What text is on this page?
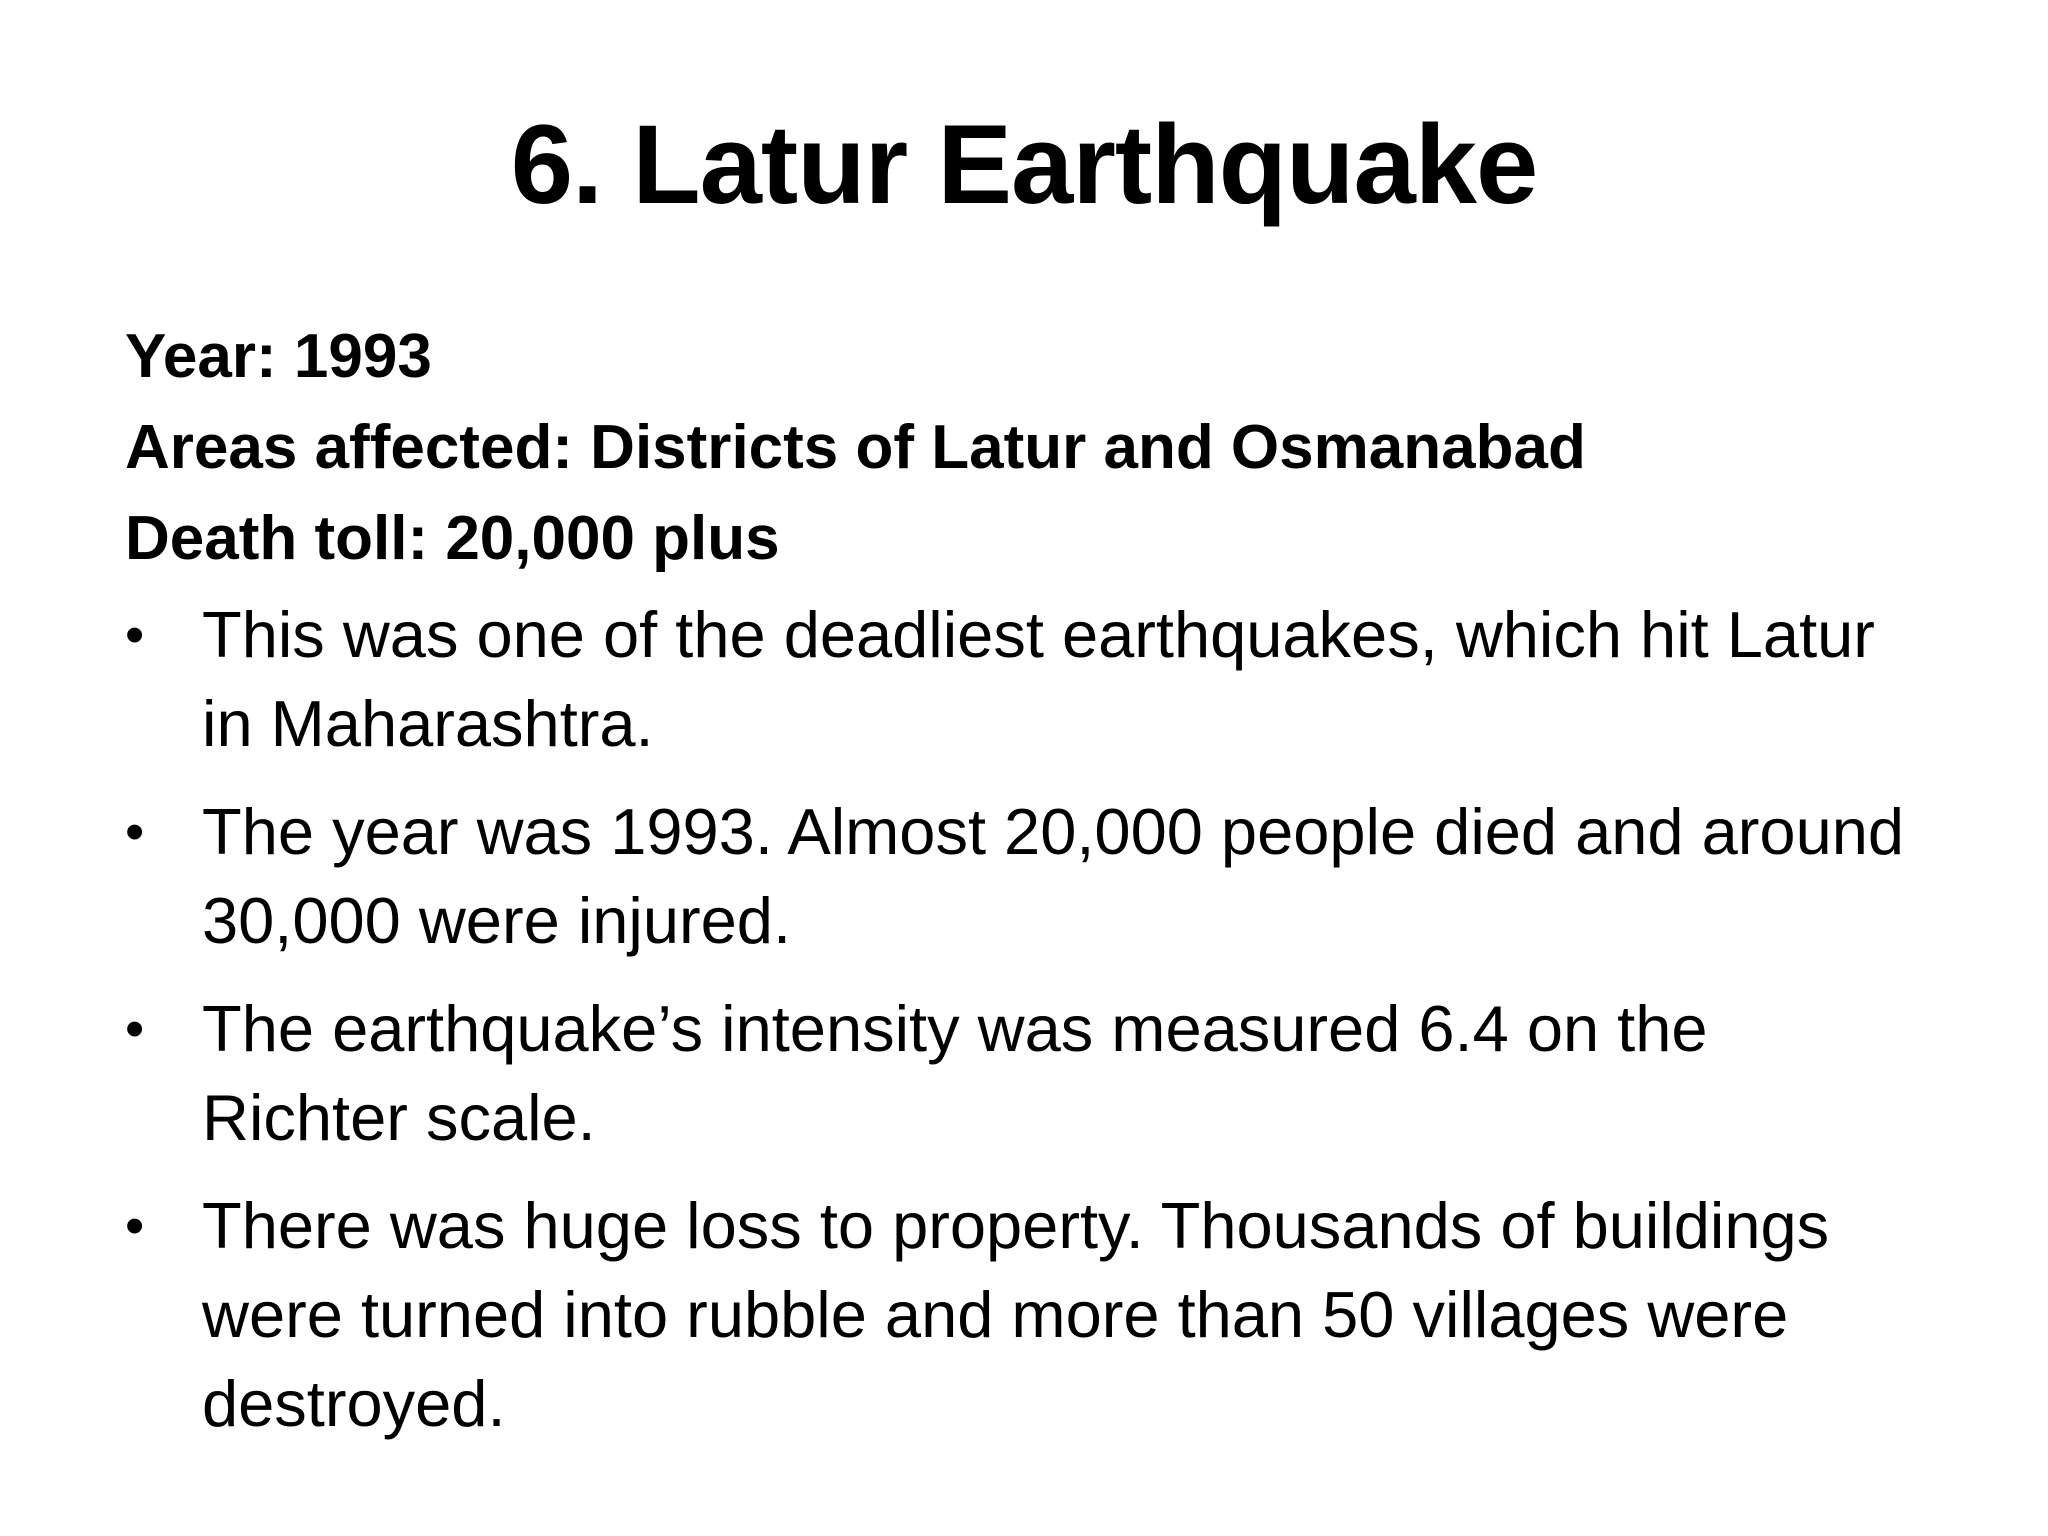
6. Latur Earthquake
Year: 1993
Areas affected: Districts of Latur and Osmanabad
Death toll: 20,000 plus
• This was one of the deadliest earthquakes, which hit Latur
in Maharashtra.
• The year was 1993. Almost 20,000 people died and around
30,000 were injured.
• The earthquake’s intensity was measured 6.4 on the
Richter scale.
• There was huge loss to property. Thousands of buildings
were turned into rubble and more than 50 villages were
destroyed.
